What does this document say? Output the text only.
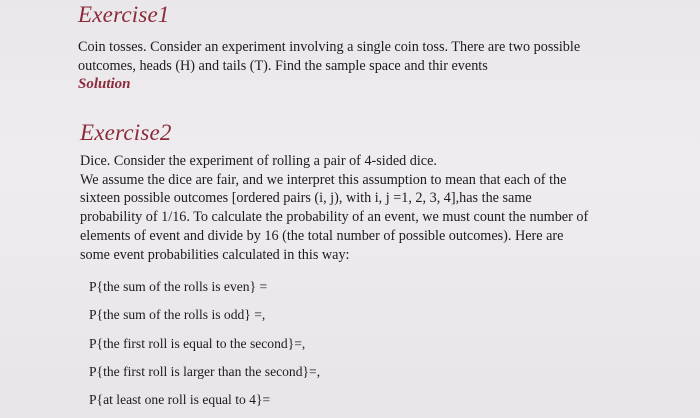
Exercise1
Coin tosses. Consider an experiment involving a single coin toss. There are two possible
outcomes, heads (H) and tails (T). Find the sample space and thir events
Solution
Exercise2
Dice. Consider the experiment of rolling a pair of 4-sided dice.
We assume the dice are fair, and we interpret this assumption to mean that each of the
sixteen possible outcomes [ordered pairs (i, j), with i, j =1, 2, 3, 4],has the same
probability of 1/16. To calculate the probability of an event, we must count the number of
elements of event and divide by 16 (the total number of possible outcomes). Here are
some event probabilities calculated in this way:
P{the sum of the rolls is even} =
P{the sum of the rolls is odd} =,
P{the first roll is equal to the second}=,
P{the first roll is larger than the second}=,
P{at least one roll is equal to 4}=
